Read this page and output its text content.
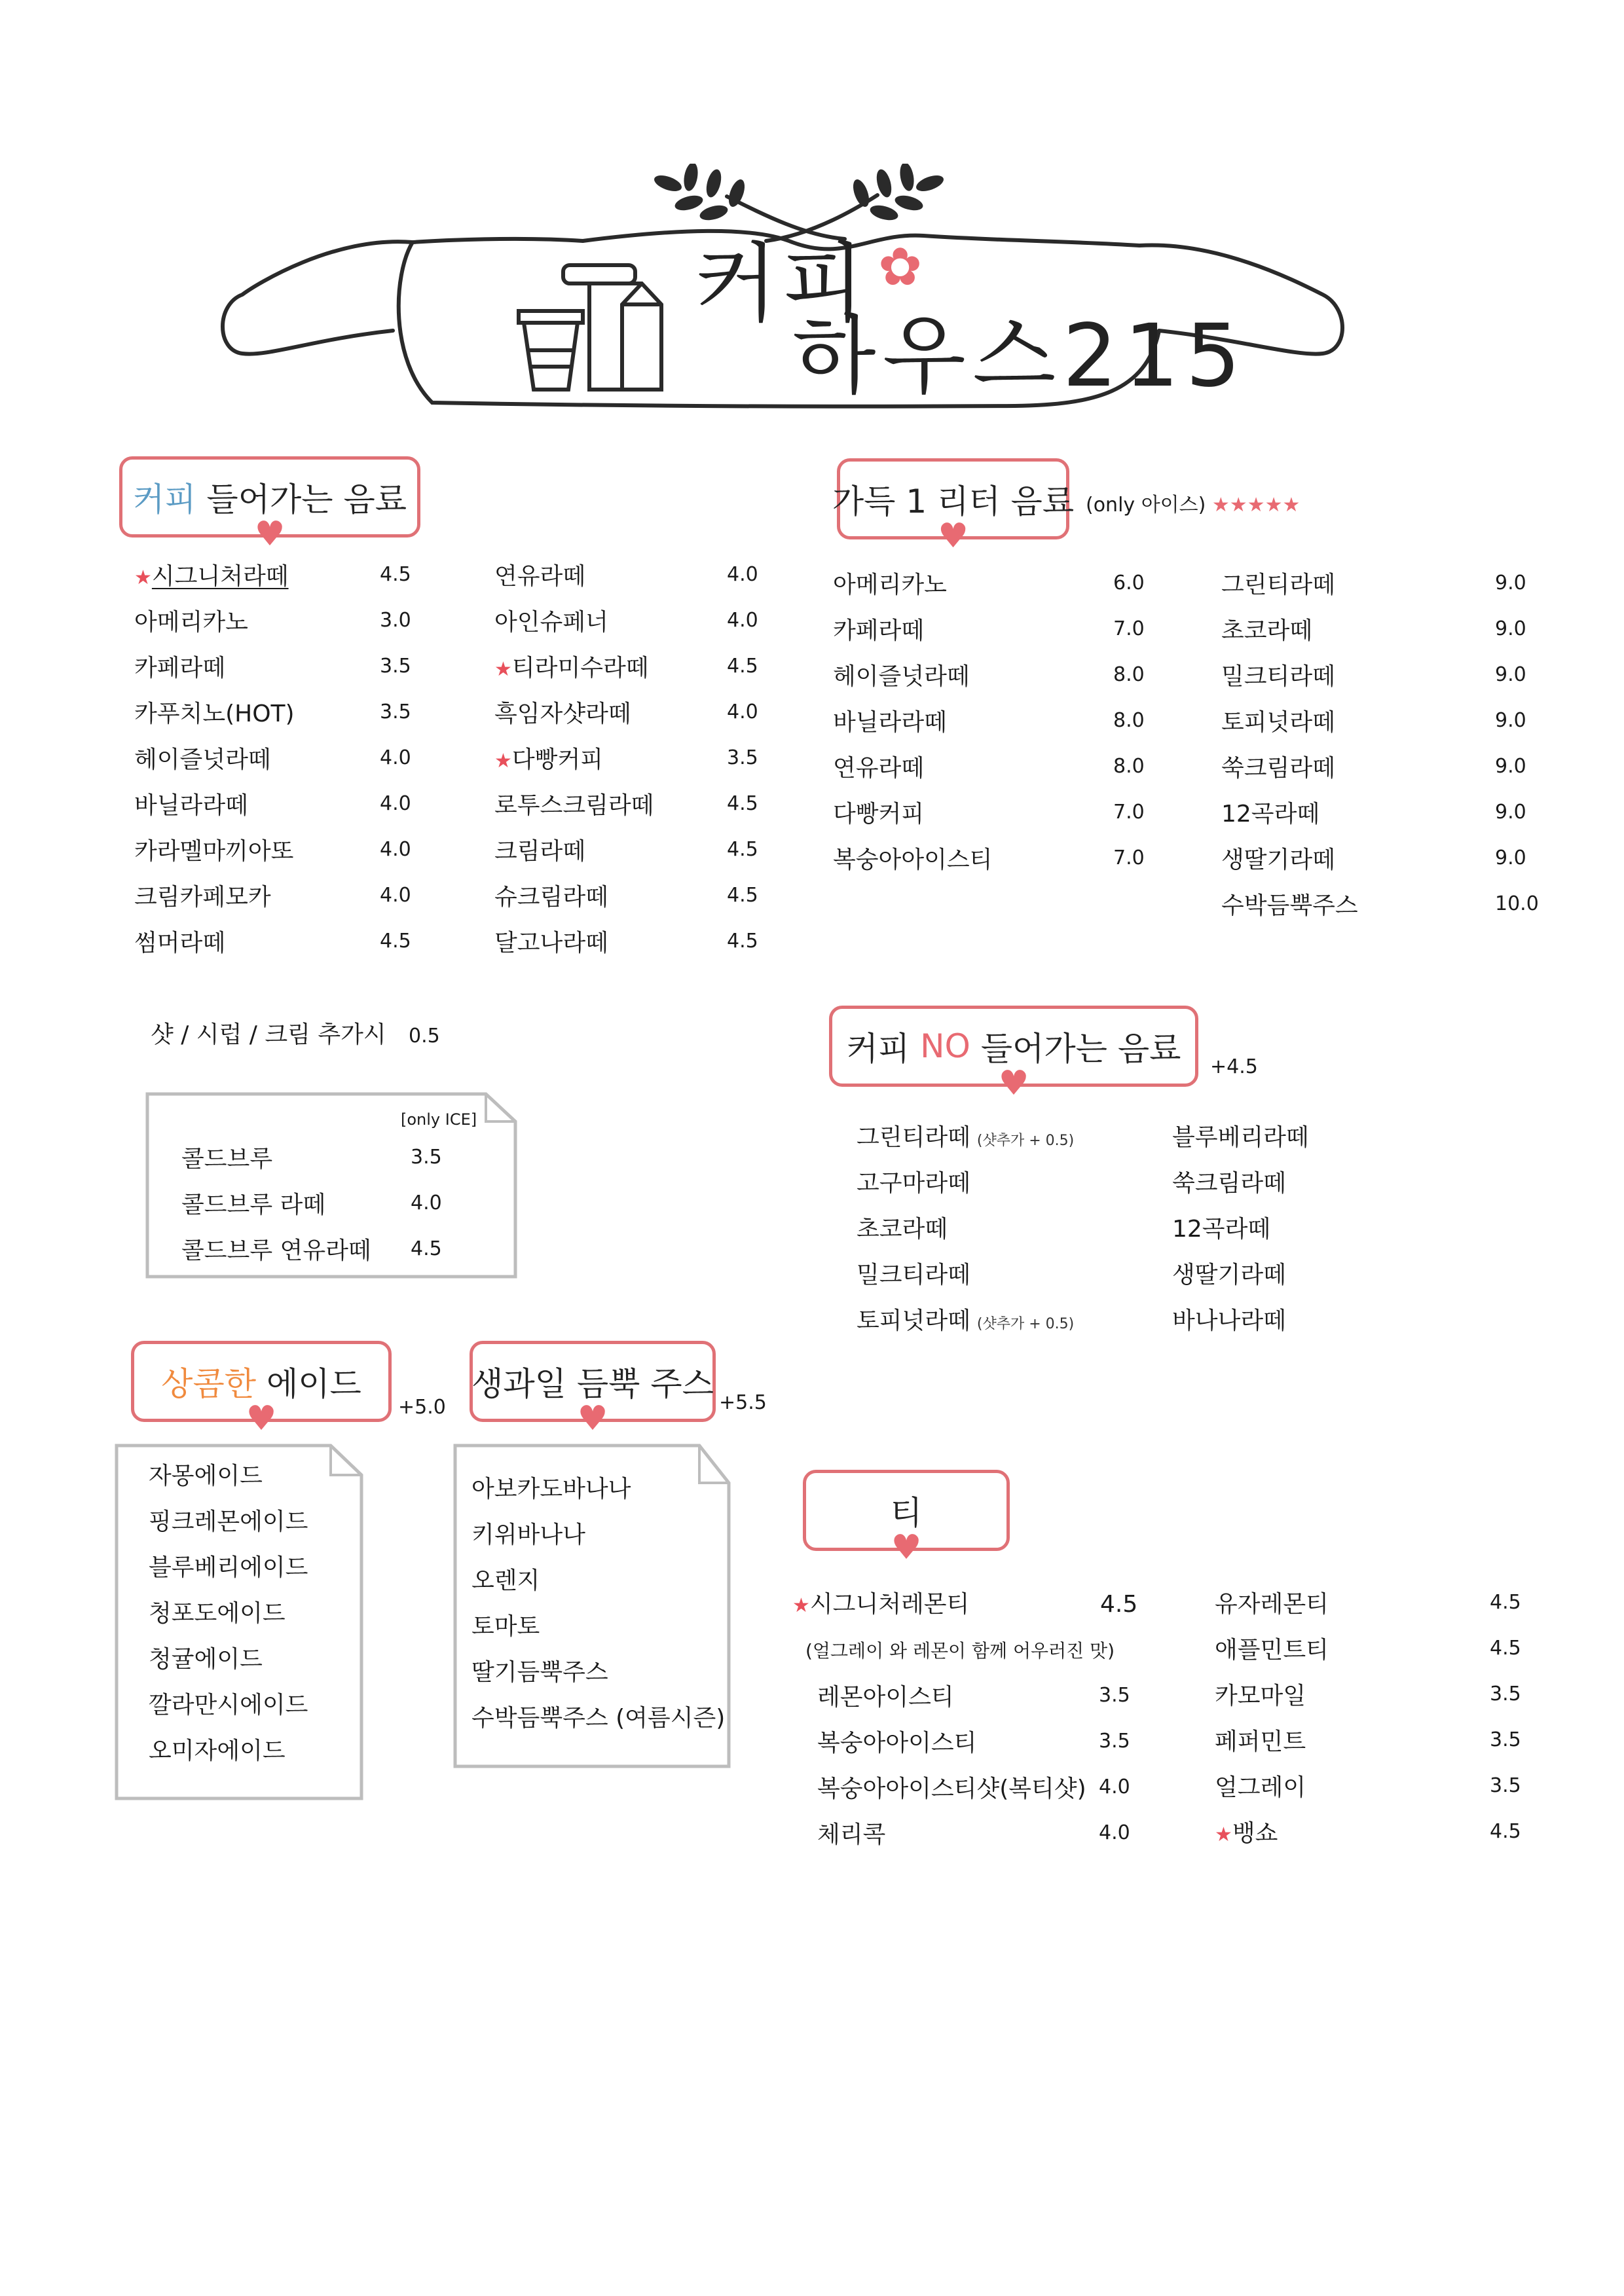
커피 ✿
하우스215
커피
들어가는 음료
♥
★시그니처라떼	4.5
아메리카노	3.0
카페라떼	3.5
카푸치노(HOT)	3.5
헤이즐넛라떼	4.0
바닐라라떼	4.0
카라멜마끼아또	4.0
크림카페모카	4.0
썸머라떼	4.5
연유라떼	4.0
아인슈페너	4.0
★티라미수라떼	4.5
흑임자샷라떼	4.0
★다빵커피	3.5
로투스크림라떼	4.5
크림라떼	4.5
슈크림라떼	4.5
달고나라떼	4.5
샷 / 시럽 / 크림 추가시 0.5
[only ICE]
콜드브루	3.5
콜드브루 라떼	4.0
콜드브루 연유라떼 4.5
가득 1 리터 음료
♥
(only 아이스) ★★★★★
아메리카노	6.0
카페라떼	7.0
헤이즐넛라떼	8.0
바닐라라떼	8.0
연유라떼	8.0
다빵커피	7.0
복숭아아이스티	7.0
그린티라떼	9.0
초코라떼	9.0
밀크티라떼	9.0
토피넛라떼	9.0
쑥크림라떼	9.0
12곡라떼	9.0
생딸기라떼	9.0
수박듬뿍주스	10.0
커피
NO
들어가는 음료
♥	+4.5
그린티라떼 (샷추가 + 0.5)
고구마라떼
초코라떼
밀크티라떼
토피넛라떼 (샷추가 + 0.5)
블루베리라떼
쑥크림라떼
12곡라떼
생딸기라떼
바나나라떼
상콤한
에이드
♥	+5.0
자몽에이드
핑크레몬에이드
블루베리에이드
청포도에이드
청귤에이드
깔라만시에이드
오미자에이드
생과일 듬뿍 주스
♥	+5.5
아보카도바나나
키위바나나
오렌지
토마토
딸기듬뿍주스
수박듬뿍주스 (여름시즌)
티
♥
★시그니처레몬티	4.5
(얼그레이 와 레몬이 함께 어우러진 맛)
레몬아이스티	3.5
복숭아아이스티	3.5
복숭아아이스티샷(복티샷) 4.0
체리콕	4.0
유자레몬티	4.5
애플민트티	4.5
카모마일	3.5
페퍼민트	3.5
얼그레이	3.5
★뱅쇼	4.5
